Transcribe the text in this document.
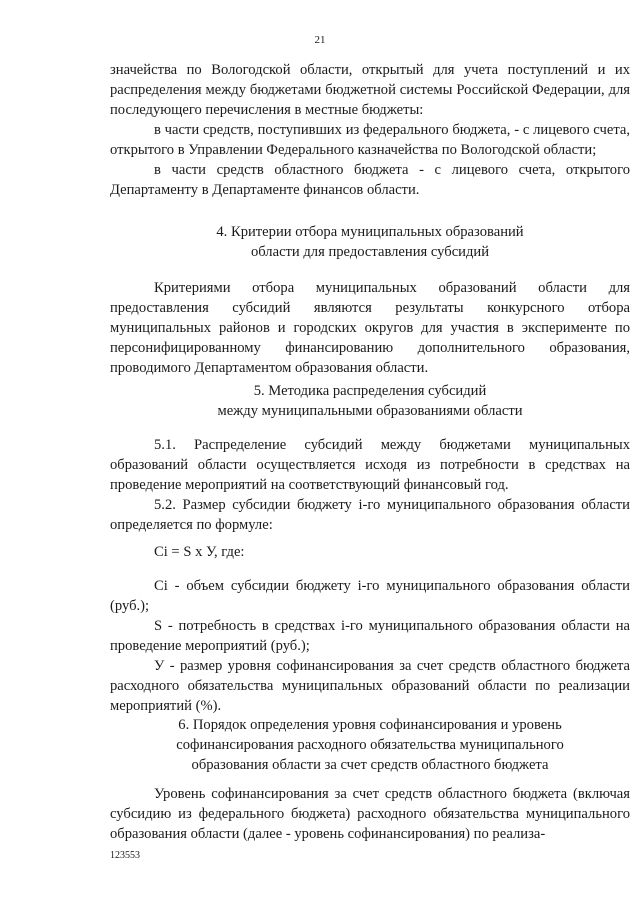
21

значейства по Вологодской области, открытый для учета поступлений и их распределения между бюджетами бюджетной системы Российской Федерации, для последующего перечисления в местные бюджеты:

в части средств, поступивших из федерального бюджета, - с лицевого счета, открытого в Управлении Федерального казначейства по Вологодской области;

в части средств областного бюджета - с лицевого счета, открытого Департаменту в Департаменте финансов области.

4. Критерии отбора муниципальных образований
области для предоставления субсидий

Критериями отбора муниципальных образований области для предоставления субсидий являются результаты конкурсного отбора муниципальных районов и городских округов для участия в эксперименте по персонифицированному финансированию дополнительного образования, проводимого Департаментом образования области.

5. Методика распределения субсидий
между муниципальными образованиями области

5.1. Распределение субсидий между бюджетами муниципальных образований области осуществляется исходя из потребности в средствах на проведение мероприятий на соответствующий финансовый год.

5.2. Размер субсидии бюджету i-го муниципального образования области определяется по формуле:

Ci = S x У, где:

Ci - объем субсидии бюджету i-го муниципального образования области (руб.);

S - потребность в средствах i-го муниципального образования области на проведение мероприятий (руб.);

У - размер уровня софинансирования за счет средств областного бюджета расходного обязательства муниципальных образований области по реализации мероприятий (%).

6. Порядок определения уровня софинансирования и уровень
софинансирования расходного обязательства муниципального
образования области за счет средств областного бюджета

Уровень софинансирования за счет средств областного бюджета (включая субсидию из федерального бюджета) расходного обязательства муниципального образования области (далее - уровень софинансирования) по реализа-

123553
